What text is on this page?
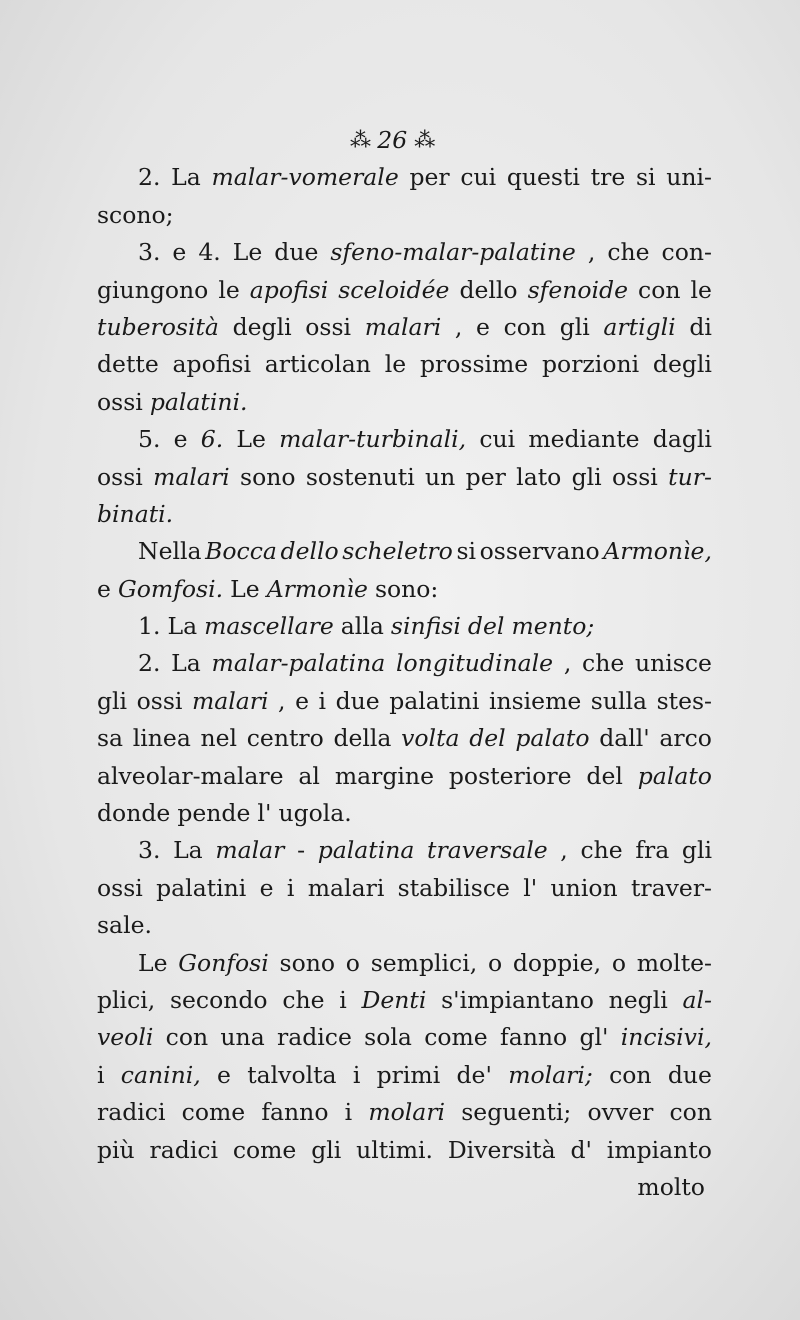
⁂ 26 ⁂
2. La malar-vomerale per cui questi tre si uni-
scono;
3. e 4. Le due sfeno-malar-palatine , che con-
giungono le apofisi sceloidée dello sfenoide con le
tuberosità degli ossi malari , e con gli artigli di
dette apofisi articolan le prossime porzioni degli
ossi palatini.
5. e 6. Le malar-turbinali, cui mediante dagli
ossi malari sono sostenuti un per lato gli ossi tur-
binati.
Nella Bocca dello scheletro si osservano Armonìe,
e Gomfosi. Le Armonìe sono:
1. La mascellare alla sinfisi del mento;
2. La malar-palatina longitudinale , che unisce
gli ossi malari , e i due palatini insieme sulla stes-
sa linea nel centro della volta del palato dall' arco
alveolar-malare al margine posteriore del palato
donde pende l' ugola.
3. La malar - palatina traversale , che fra gli
ossi palatini e i malari stabilisce l' union traver-
sale.
Le Gonfosi sono o semplici, o doppie, o molte-
plici, secondo che i Denti s'impiantano negli al-
veoli con una radice sola come fanno gl' incisivi,
i canini, e talvolta i primi de' molari; con due
radici come fanno i molari seguenti; ovver con
più radici come gli ultimi. Diversità d' impianto
molto
